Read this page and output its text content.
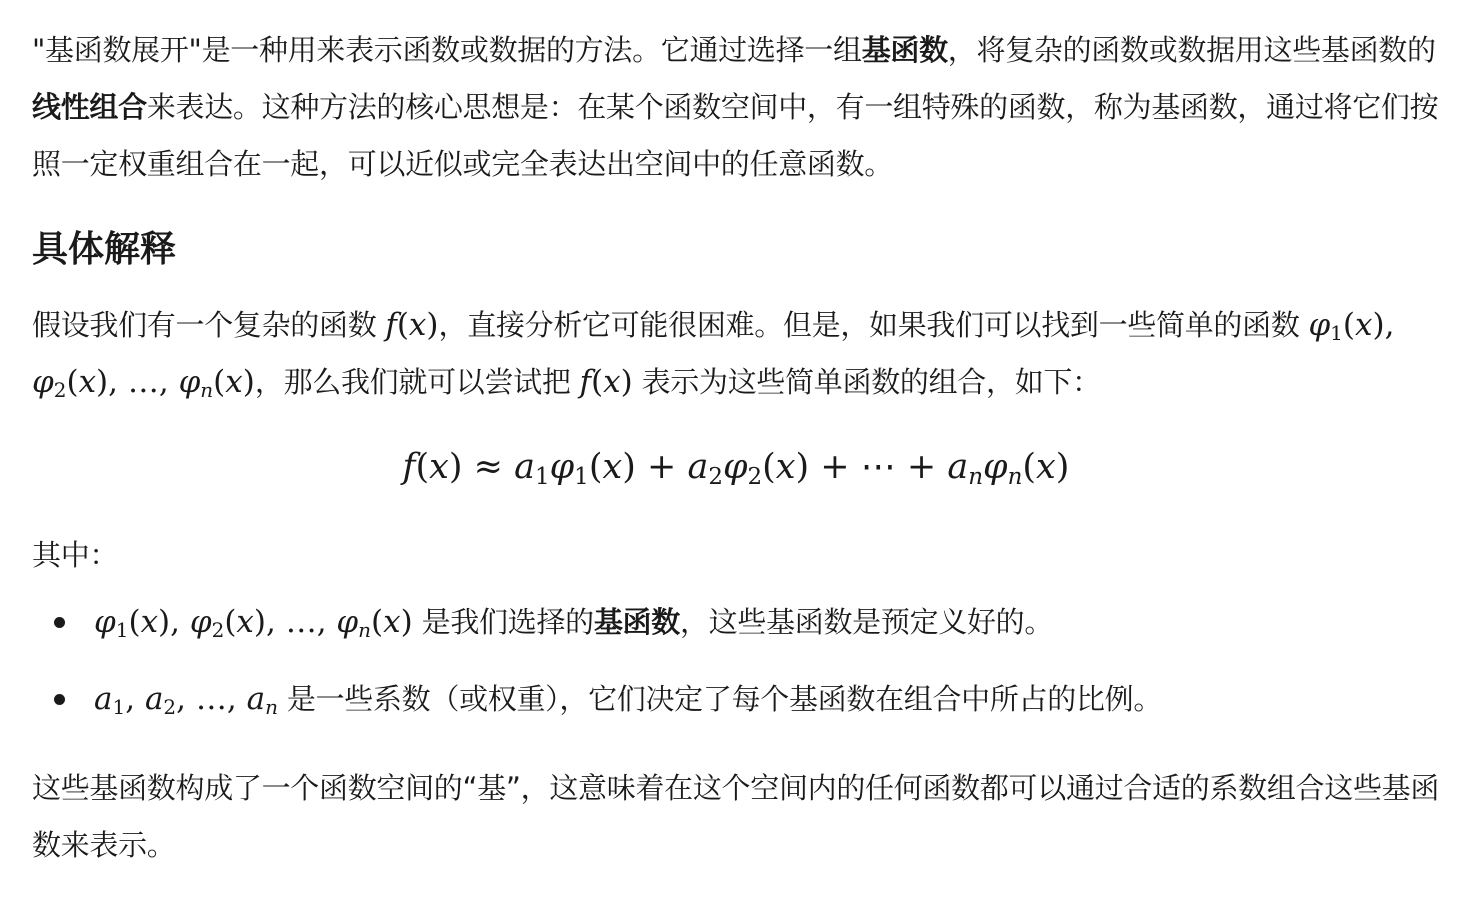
"基函数展开"是一种用来表示函数或数据的方法。它通过选择一组基函数，将复杂的函数或数据用这些基函数的线性组合来表达。这种方法的核心思想是：在某个函数空间中，有一组特殊的函数，称为基函数，通过将它们按照一定权重组合在一起，可以近似或完全表达出空间中的任意函数。

具体解释

假设我们有一个复杂的函数 f(x)，直接分析它可能很困难。但是，如果我们可以找到一些简单的函数 $\varphi_1(x)$, $\varphi_2(x)$, …, $\varphi_n(x)$，那么我们就可以尝试把 f(x) 表示为这些简单函数的组合，如下：

$f(x) \approx a_1\varphi_1(x) + a_2\varphi_2(x)$ + ⋯ + $a_n\varphi_n(x)$

其中：

$\varphi_1(x)$, $\varphi_2(x)$, …, $\varphi_n(x)$ 是我们选择的基函数，这些基函数是预定义好的。
$a_1$, $a_2$, …, $a_n$ 是一些系数（或权重），它们决定了每个基函数在组合中所占的比例。

这些基函数构成了一个函数空间的“基”，这意味着在这个空间内的任何函数都可以通过合适的系数组合这些基函数来表示。
